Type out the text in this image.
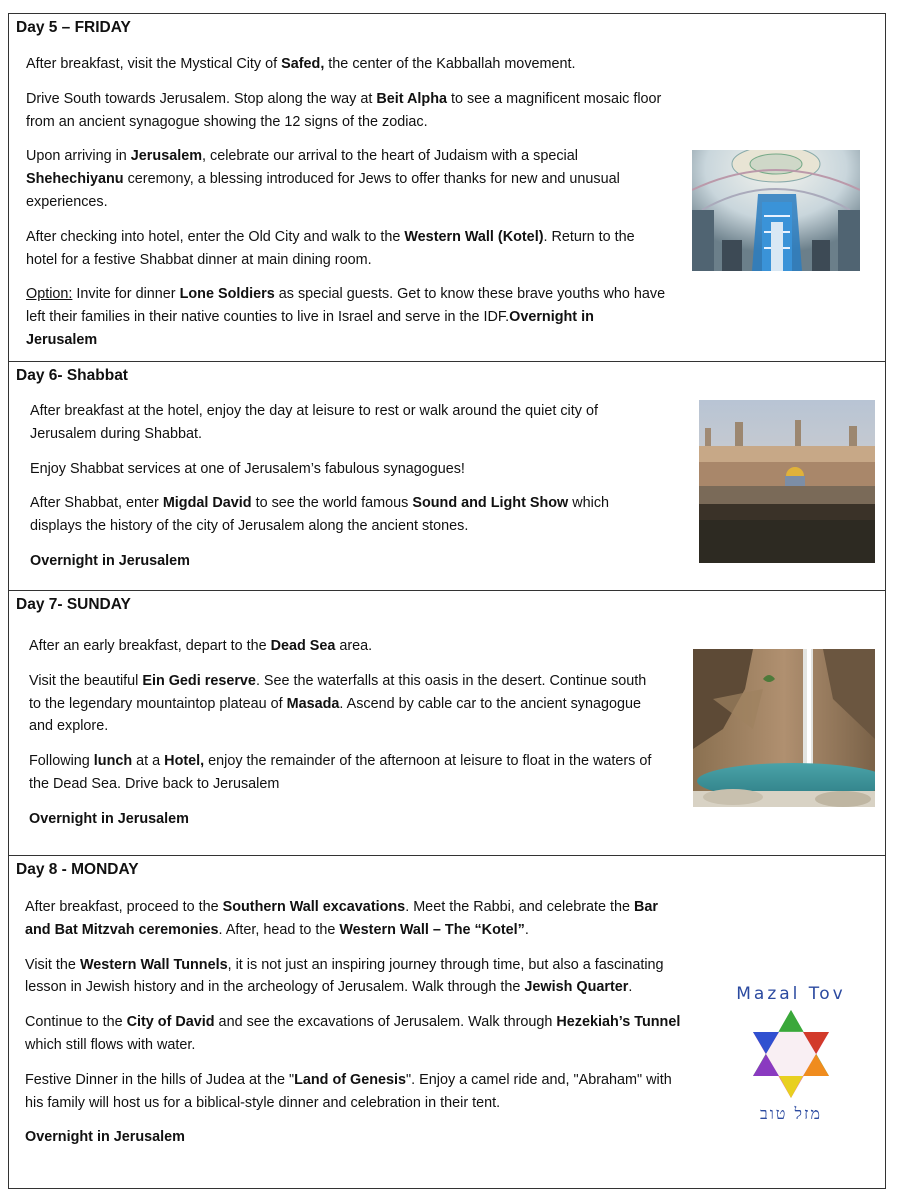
Day 5 – FRIDAY

After breakfast, visit the Mystical City of Safed, the center of the Kabballah movement.

Drive South towards Jerusalem. Stop along the way at Beit Alpha to see a magnificent mosaic floor from an ancient synagogue showing the 12 signs of the zodiac.

Upon arriving in Jerusalem, celebrate our arrival to the heart of Judaism with a special Shehechiyanu ceremony, a blessing introduced for Jews to offer thanks for new and unusual experiences.

After checking into hotel, enter the Old City and walk to the Western Wall (Kotel). Return to the hotel for a festive Shabbat dinner at main dining room.

Option: Invite for dinner Lone Soldiers as special guests. Get to know these brave youths who have left their families in their native counties to live in Israel and serve in the IDF.Overnight in Jerusalem

Day 6- Shabbat

After breakfast at the hotel, enjoy the day at leisure to rest or walk around the quiet city of Jerusalem during Shabbat.

Enjoy Shabbat services at one of Jerusalem’s fabulous synagogues!

After Shabbat, enter Migdal David to see the world famous Sound and Light Show which displays the history of the city of Jerusalem along the ancient stones.

Overnight in Jerusalem

Day 7- SUNDAY

After an early breakfast, depart to the Dead Sea area.

Visit the beautiful Ein Gedi reserve. See the waterfalls at this oasis in the desert. Continue south to the legendary mountaintop plateau of Masada. Ascend by cable car to the ancient synagogue and explore.

Following lunch at a Hotel, enjoy the remainder of the afternoon at leisure to float in the waters of the Dead Sea. Drive back to Jerusalem

Overnight in Jerusalem

Day 8 - MONDAY

After breakfast, proceed to the Southern Wall excavations. Meet the Rabbi, and celebrate the Bar and Bat Mitzvah ceremonies. After, head to the Western Wall – The “Kotel”.

Visit the Western Wall Tunnels, it is not just an inspiring journey through time, but also a fascinating lesson in Jewish history and in the archeology of Jerusalem. Walk through the Jewish Quarter.

Continue to the City of David and see the excavations of Jerusalem. Walk through Hezekiah’s Tunnel which still flows with water.

Festive Dinner in the hills of Judea at the "Land of Genesis". Enjoy a camel ride and, "Abraham" with his family will host us for a biblical-style dinner and celebration in their tent.

Overnight in Jerusalem

Mazal Tov
מזל טוב
